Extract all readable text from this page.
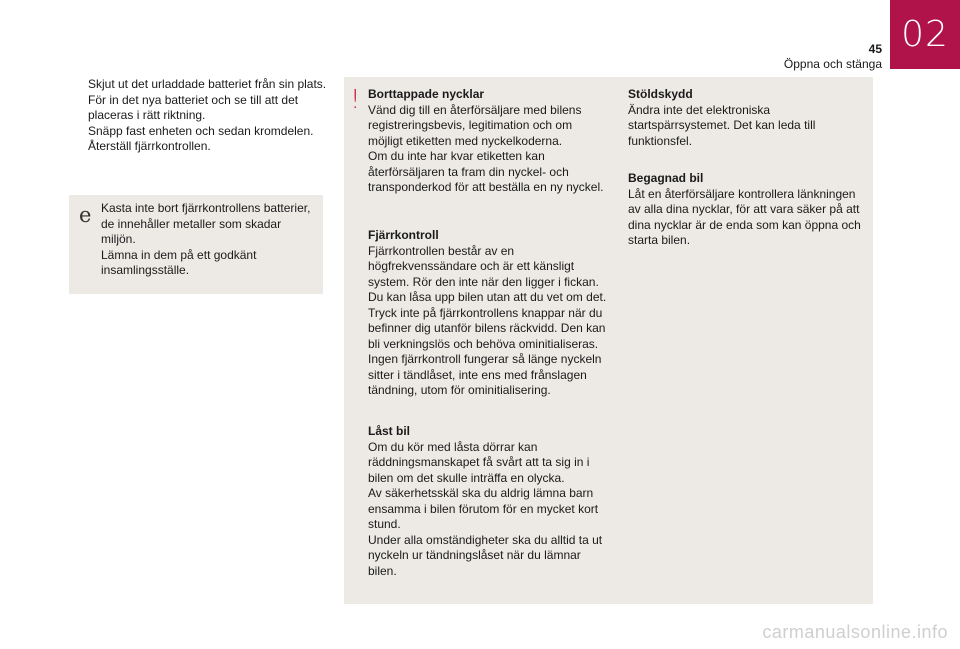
45
Öppna och stänga
02
Skjut ut det urladdade batteriet från sin plats.
För in det nya batteriet och se till att det placeras i rätt riktning.
Snäpp fast enheten och sedan kromdelen.
Återställ fjärrkontrollen.
e Kasta inte bort fjärrkontrollens batterier, de innehåller metaller som skadar miljön.
Lämna in dem på ett godkänt insamlingsställe.
! Borttappade nycklar
Vänd dig till en återförsäljare med bilens registreringsbevis, legitimation och om möjligt etiketten med nyckelkoderna.
Om du inte har kvar etiketten kan återförsäljaren ta fram din nyckel- och transponderkod för att beställa en ny nyckel.
Fjärrkontroll
Fjärrkontrollen består av en högfrekvenssändare och är ett känsligt system. Rör den inte när den ligger i fickan.
Du kan låsa upp bilen utan att du vet om det.
Tryck inte på fjärrkontrollens knappar när du befinner dig utanför bilens räckvidd. Den kan bli verkningslös och behöva ominitialiseras.
Ingen fjärrkontroll fungerar så länge nyckeln sitter i tändlåset, inte ens med frånslagen tändning, utom för ominitialisering.
Låst bil
Om du kör med låsta dörrar kan räddningsmanskapet få svårt att ta sig in i bilen om det skulle inträffa en olycka.
Av säkerhetsskäl ska du aldrig lämna barn ensamma i bilen förutom för en mycket kort stund.
Under alla omständigheter ska du alltid ta ut nyckeln ur tändningslåset när du lämnar bilen.
Stöldskydd
Ändra inte det elektroniska startspärrsystemet. Det kan leda till funktionsfel.
Begagnad bil
Låt en återförsäljare kontrollera länkningen av alla dina nycklar, för att vara säker på att dina nycklar är de enda som kan öppna och starta bilen.
carmanualsonline.info
